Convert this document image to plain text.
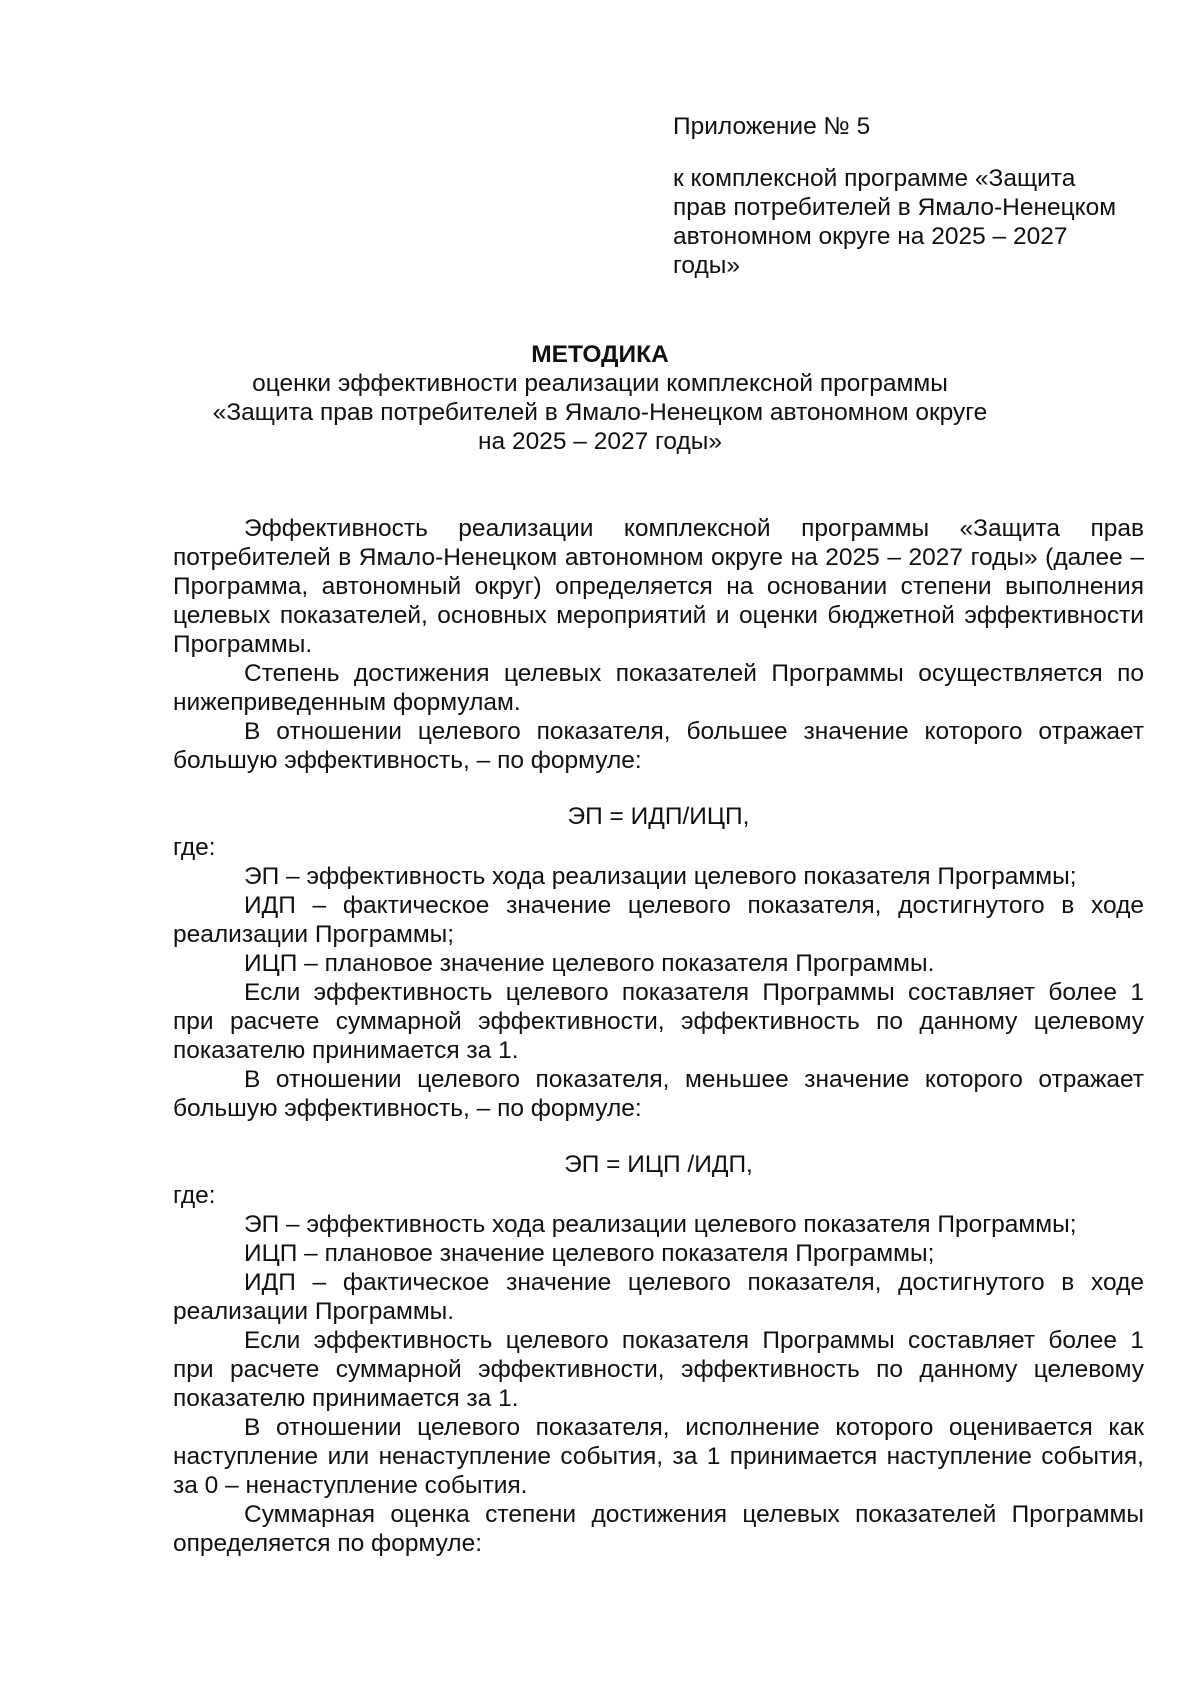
Приложение № 5
к комплексной программе «Защита
прав потребителей в Ямало-Ненецком
автономном округе на 2025 – 2027
годы»
МЕТОДИКА
оценки эффективности реализации комплексной программы
«Защита прав потребителей в Ямало-Ненецком автономном округе
на 2025 – 2027 годы»

Эффективность реализации комплексной программы «Защита прав потребителей в Ямало-Ненецком автономном округе на 2025 – 2027 годы» (далее – Программа, автономный округ) определяется на основании степени выполнения целевых показателей, основных мероприятий и оценки бюджетной эффективности Программы.

Степень достижения целевых показателей Программы осуществляется по нижеприведенным формулам.

В отношении целевого показателя, большее значение которого отражает большую эффективность, – по формуле:

ЭП = ИДП/ИЦП,

где:

ЭП – эффективность хода реализации целевого показателя Программы;

ИДП – фактическое значение целевого показателя, достигнутого в ходе реализации Программы;

ИЦП – плановое значение целевого показателя Программы.

Если эффективность целевого показателя Программы составляет более 1 при расчете суммарной эффективности, эффективность по данному целевому показателю принимается за 1.

В отношении целевого показателя, меньшее значение которого отражает большую эффективность, – по формуле:

ЭП = ИЦП /ИДП,

где:

ЭП – эффективность хода реализации целевого показателя Программы;

ИЦП – плановое значение целевого показателя Программы;

ИДП – фактическое значение целевого показателя, достигнутого в ходе реализации Программы.

Если эффективность целевого показателя Программы составляет более 1 при расчете суммарной эффективности, эффективность по данному целевому показателю принимается за 1.

В отношении целевого показателя, исполнение которого оценивается как наступление или ненаступление события, за 1 принимается наступление события, за 0 – ненаступление события.

Суммарная оценка степени достижения целевых показателей Программы определяется по формуле:
